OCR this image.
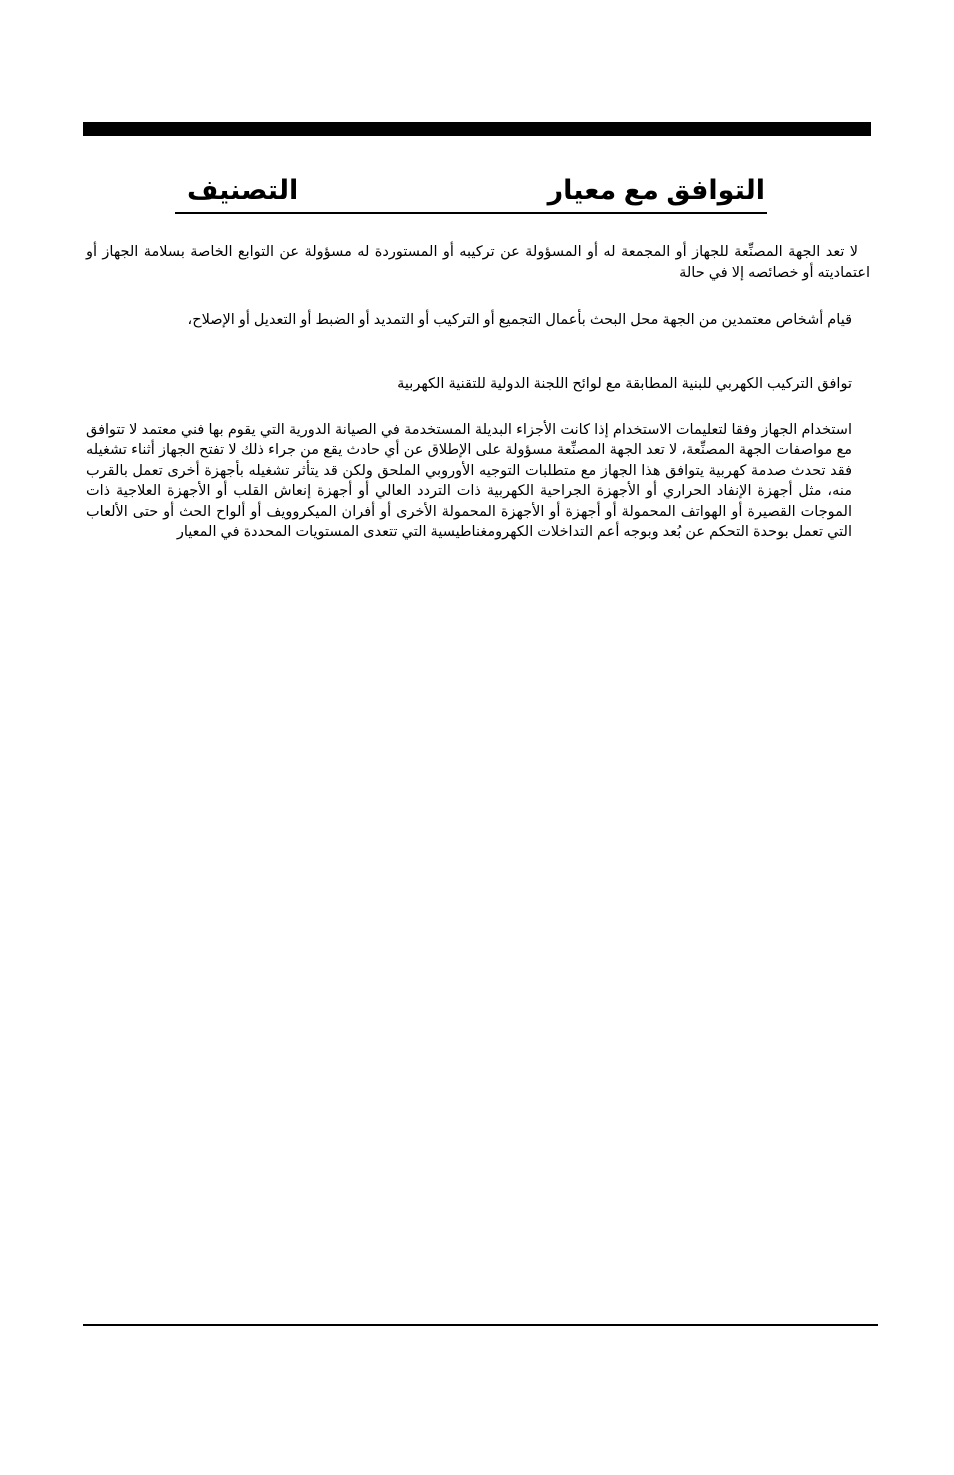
التوافق مع معيار
التصنيف

لا تعد الجهة المصنِّعة للجهاز أو المجمعة له أو المسؤولة عن تركيبه أو المستوردة له مسؤولة عن التوابع الخاصة بسلامة الجهاز أو اعتماديته أو خصائصه إلا في حالة

قيام أشخاص معتمدين من الجهة محل البحث بأعمال التجميع أو التركيب أو التمديد أو الضبط أو التعديل أو الإصلاح،

توافق التركيب الكهربي للبنية المطابقة مع لوائح اللجنة الدولية للتقنية الكهربية

استخدام الجهاز وفقا لتعليمات الاستخدام إذا كانت الأجزاء البديلة المستخدمة في الصيانة الدورية التي يقوم بها فني معتمد لا تتوافق مع مواصفات الجهة المصنِّعة، لا تعد الجهة المصنِّعة مسؤولة على الإطلاق عن أي حادث يقع من جراء ذلك لا تفتح الجهاز أثناء تشغيله فقد تحدث صدمة كهربية يتوافق هذا الجهاز مع متطلبات التوجيه الأوروبي الملحق ولكن قد يتأثر تشغيله بأجهزة أخرى تعمل بالقرب منه، مثل أجهزة الإنفاد الحراري أو الأجهزة الجراحية الكهربية ذات التردد العالي أو أجهزة إنعاش القلب أو الأجهزة العلاجية ذات الموجات القصيرة أو الهواتف المحمولة أو أجهزة أو الأجهزة المحمولة الأخرى أو أفران الميكروويف أو ألواح الحث أو حتى الألعاب التي تعمل بوحدة التحكم عن بُعد وبوجه أعم التداخلات الكهرومغناطيسية التي تتعدى المستويات المحددة في المعيار
